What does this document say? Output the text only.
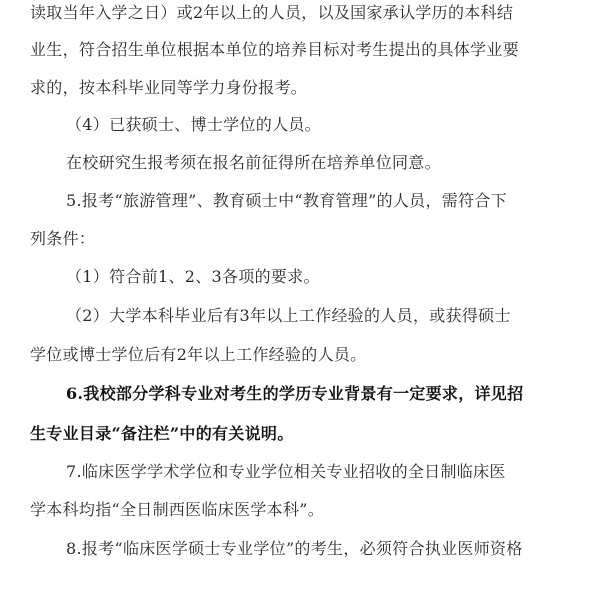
读取当年入学之日）或2年以上的人员，以及国家承认学历的本科结
业生，符合招生单位根据本单位的培养目标对考生提出的具体学业要
求的，按本科毕业同等学力身份报考。
（4）已获硕士、博士学位的人员。
在校研究生报考须在报名前征得所在培养单位同意。
5.报考“旅游管理”、教育硕士中“教育管理”的人员，需符合下
列条件：
（1）符合前1、2、3各项的要求。
（2）大学本科毕业后有3年以上工作经验的人员，或获得硕士
学位或博士学位后有2年以上工作经验的人员。
6.我校部分学科专业对考生的学历专业背景有一定要求，详见招
生专业目录“备注栏”中的有关说明。
7.临床医学学术学位和专业学位相关专业招收的全日制临床医
学本科均指“全日制西医临床医学本科”。
8.报考“临床医学硕士专业学位”的考生，必须符合执业医师资格
